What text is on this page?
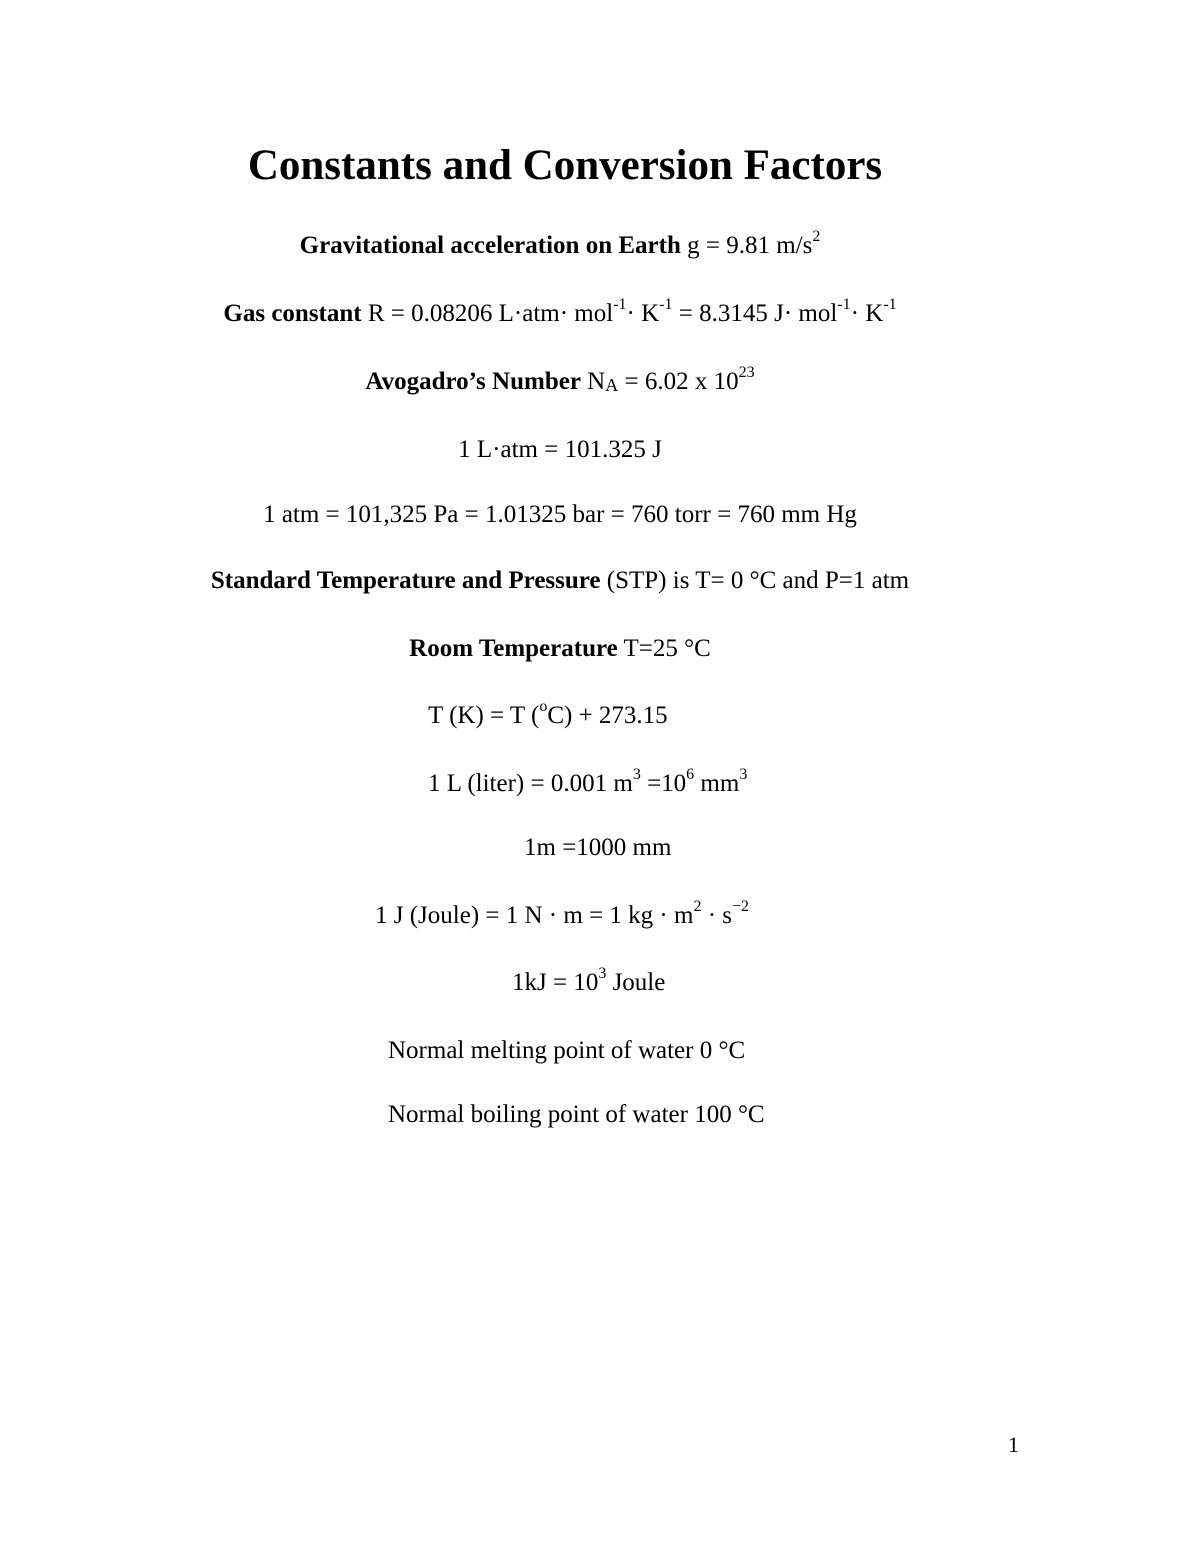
Constants and Conversion Factors
Gravitational acceleration on Earth g = 9.81 $m/s^2$
Gas constant R = 0.08206 $L\cdot atm\cdot mol^{-1}\cdot K^{-1} = 8.3145$ $J\cdot mol^{-1}\cdot K^{-1}$
Avogadro’s Number $N_A = 6.02$ x $10^{23}$
1 L·atm = 101.325 J
1 atm = 101,325 Pa = 1.01325 bar = 760 torr = 760 mm Hg
Standard Temperature and Pressure (STP) is T= 0 °C and P=1 atm
Room Temperature T=25 °C
T (K) = T ($^o$C) + 273.15
1 L (liter) = 0.001 $m^3 =10^6$ $mm^3$
1m =1000 mm
1 J (Joule) = 1 N · m = 1 kg · $m^2 \cdot s^{-2}$
$1kJ = 10^3$ Joule
Normal melting point of water 0 °C
Normal boiling point of water 100 °C
1
